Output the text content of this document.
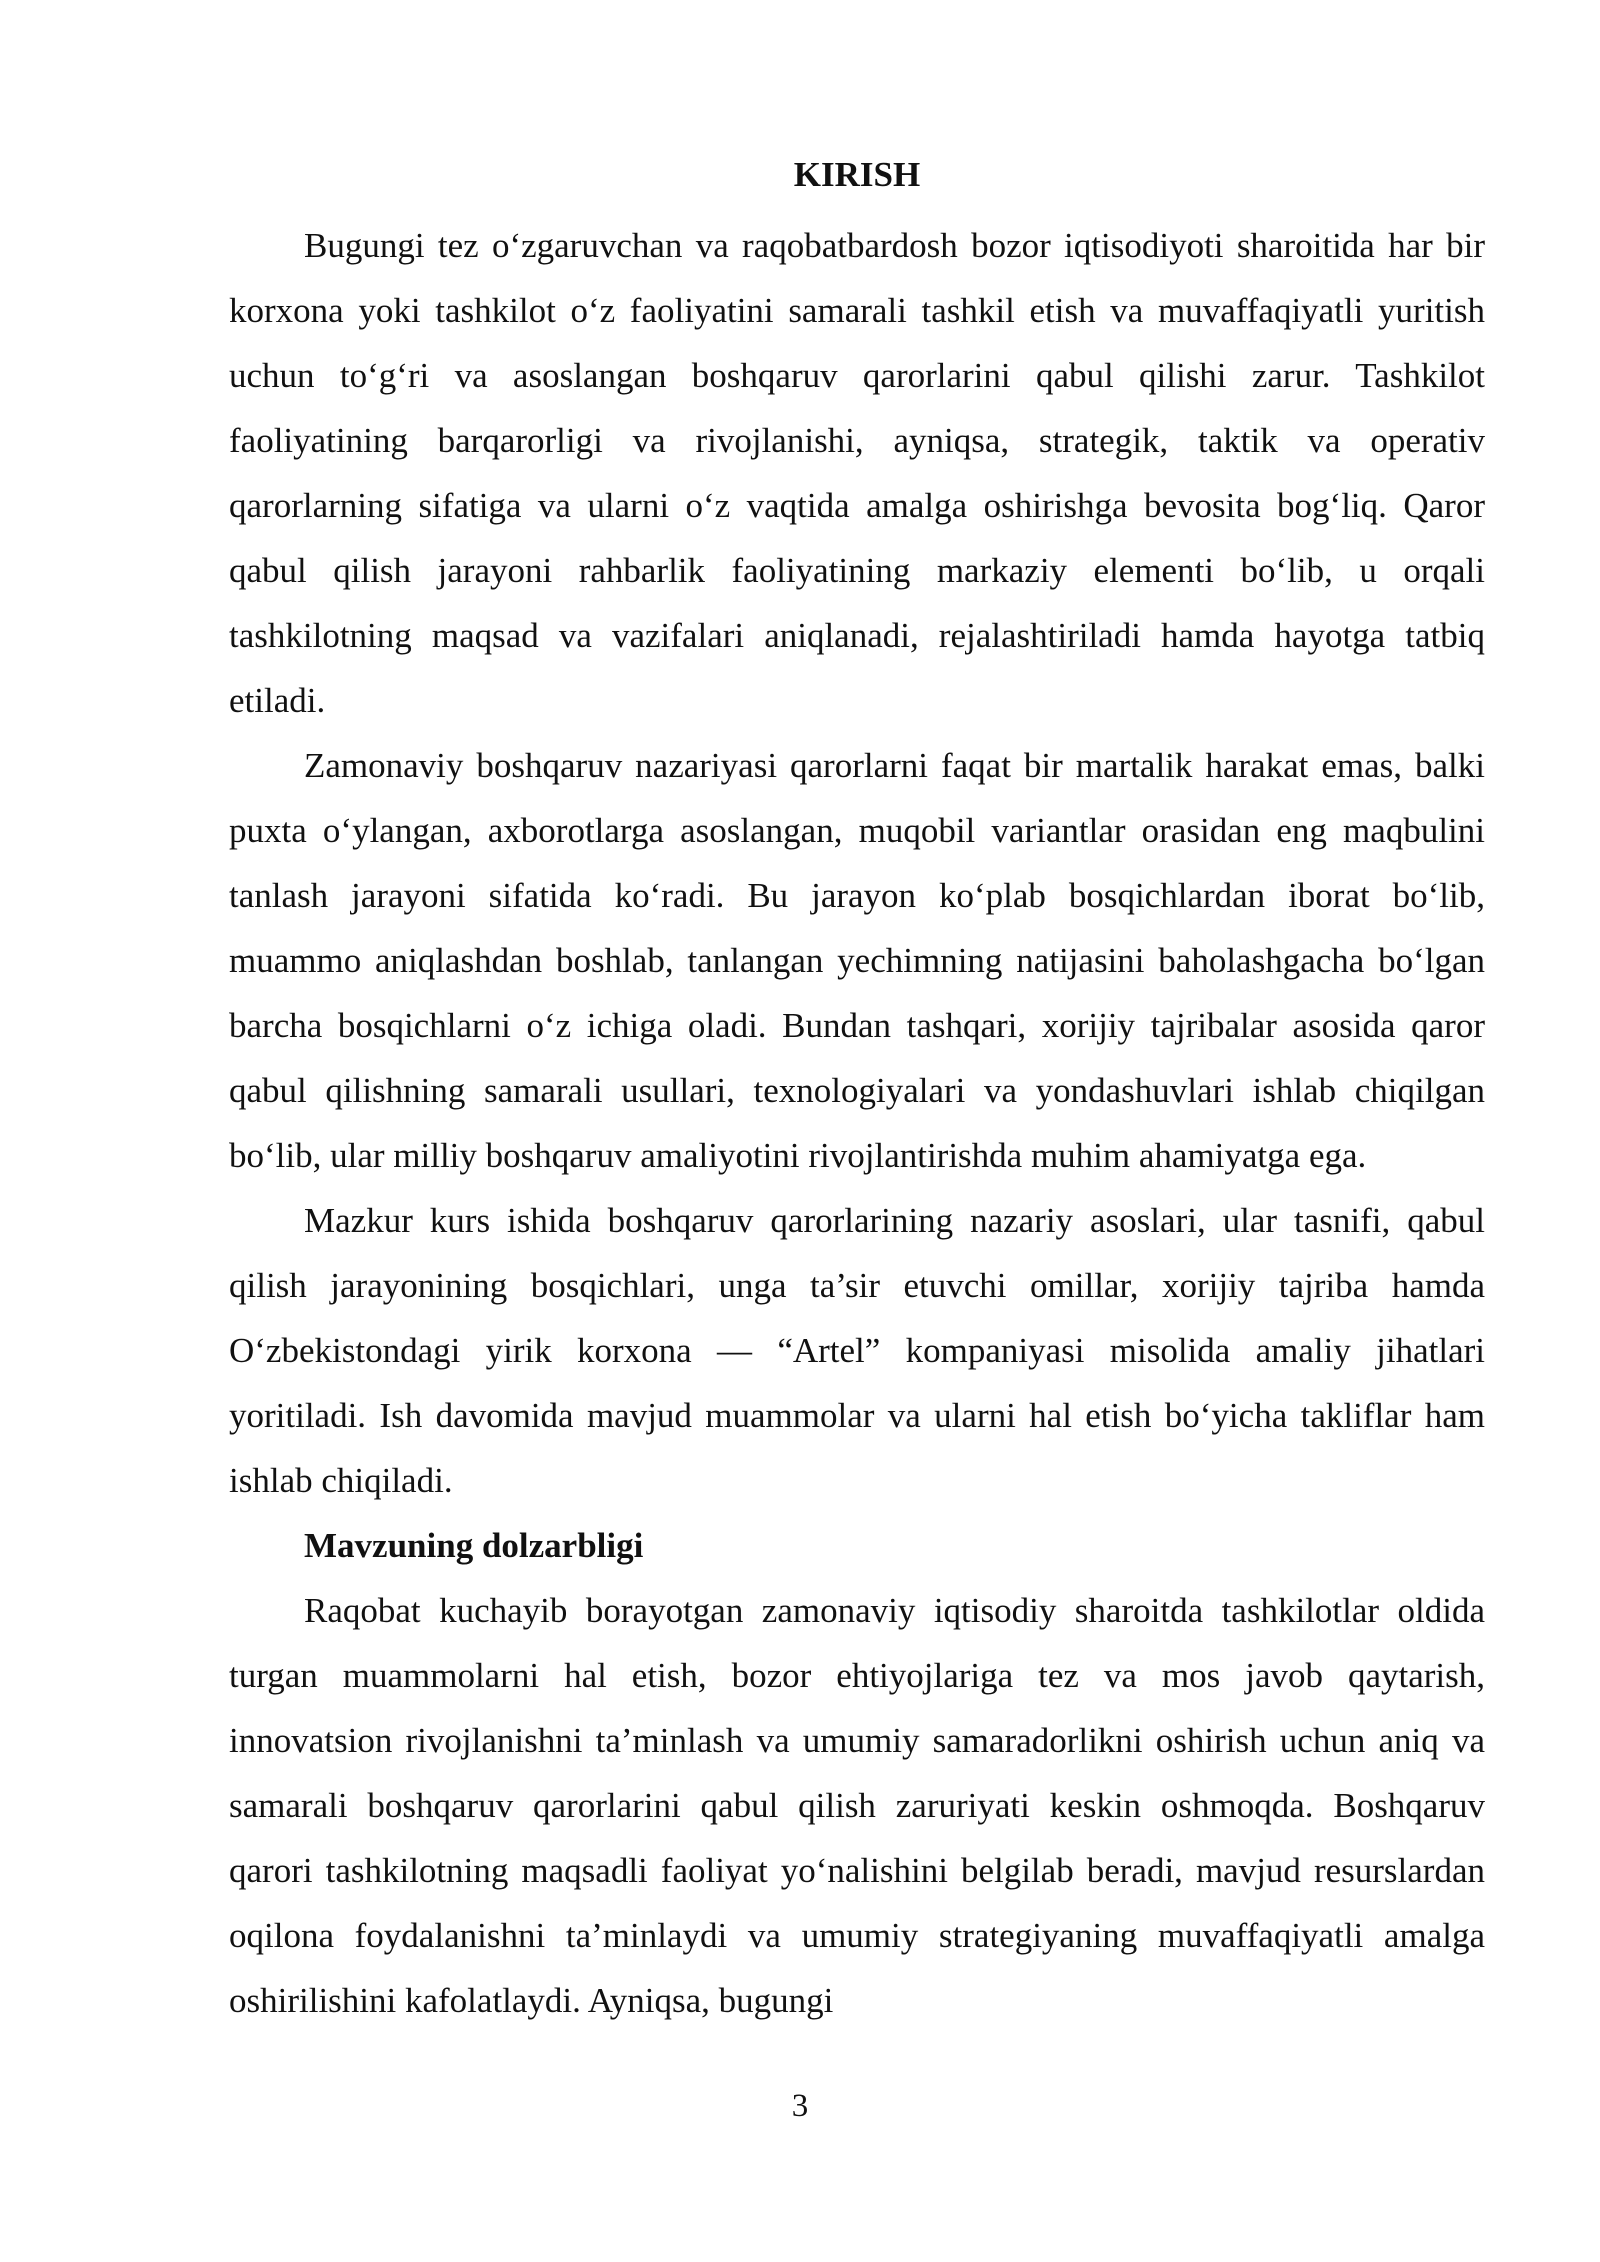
KIRISH

Bugungi tez o‘zgaruvchan va raqobatbardosh bozor iqtisodiyoti sharoitida har bir korxona yoki tashkilot o‘z faoliyatini samarali tashkil etish va muvaffaqiyatli yuritish uchun to‘g‘ri va asoslangan boshqaruv qarorlarini qabul qilishi zarur. Tashkilot faoliyatining barqarorligi va rivojlanishi, ayniqsa, strategik, taktik va operativ qarorlarning sifatiga va ularni o‘z vaqtida amalga oshirishga bevosita bog‘liq. Qaror qabul qilish jarayoni rahbarlik faoliyatining markaziy elementi bo‘lib, u orqali tashkilotning maqsad va vazifalari aniqlanadi, rejalashtiriladi hamda hayotga tatbiq etiladi.

Zamonaviy boshqaruv nazariyasi qarorlarni faqat bir martalik harakat emas, balki puxta o‘ylangan, axborotlarga asoslangan, muqobil variantlar orasidan eng maqbulini tanlash jarayoni sifatida ko‘radi. Bu jarayon ko‘plab bosqichlardan iborat bo‘lib, muammo aniqlashdan boshlab, tanlangan yechimning natijasini baholashgacha bo‘lgan barcha bosqichlarni o‘z ichiga oladi. Bundan tashqari, xorijiy tajribalar asosida qaror qabul qilishning samarali usullari, texnologiyalari va yondashuvlari ishlab chiqilgan bo‘lib, ular milliy boshqaruv amaliyotini rivojlantirishda muhim ahamiyatga ega.

Mazkur kurs ishida boshqaruv qarorlarining nazariy asoslari, ular tasnifi, qabul qilish jarayonining bosqichlari, unga ta’sir etuvchi omillar, xorijiy tajriba hamda O‘zbekistondagi yirik korxona — “Artel” kompaniyasi misolida amaliy jihatlari yoritiladi. Ish davomida mavjud muammolar va ularni hal etish bo‘yicha takliflar ham ishlab chiqiladi.

Mavzuning dolzarbligi

Raqobat kuchayib borayotgan zamonaviy iqtisodiy sharoitda tashkilotlar oldida turgan muammolarni hal etish, bozor ehtiyojlariga tez va mos javob qaytarish, innovatsion rivojlanishni ta’minlash va umumiy samaradorlikni oshirish uchun aniq va samarali boshqaruv qarorlarini qabul qilish zaruriyati keskin oshmoqda. Boshqaruv qarori tashkilotning maqsadli faoliyat yo‘nalishini belgilab beradi, mavjud resurslardan oqilona foydalanishni ta’minlaydi va umumiy strategiyaning muvaffaqiyatli amalga oshirilishini kafolatlaydi. Ayniqsa, bugungi

3
